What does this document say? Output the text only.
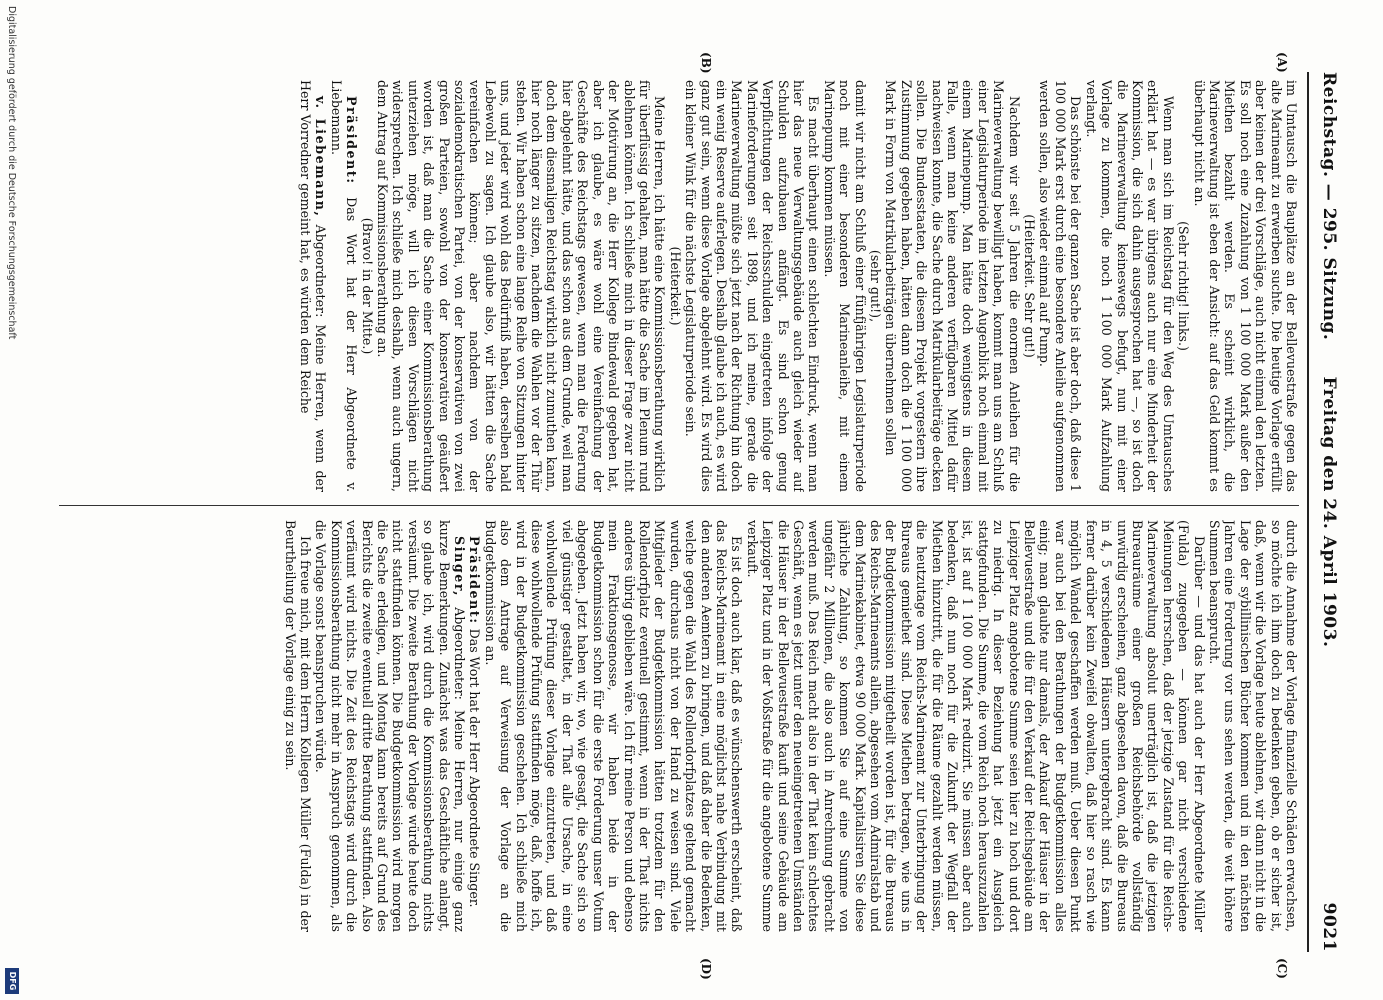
Reichstag. — 295. Sitzung.
Freitag den 24. April 1903.
9021
(A)
(B)
(C)
(D)

im Umtausch die Bauplätze an der Bellevuestraße gegen das alte Marineamt zu erwerben suchte. Die heutige Vorlage erfüllt aber keinen der drei Vorschläge, auch nicht einmal den letzten. Es soll noch eine Zuzahlung von 1 100 000 Mark außer den Miethen bezahlt werden. Es scheint wirklich, die Marineverwaltung ist eben der Ansicht: auf das Geld kommt es überhaupt nicht an.

(Sehr richtig! links.)

Wenn man sich im Reichstag für den Weg des Umtausches erklärt hat — es war übrigens auch nur eine Minderheit der Kommission, die sich dahin ausgesprochen hat —, so ist doch die Marineverwaltung keineswegs befugt, nun mit einer Vorlage zu kommen, die noch 1 100 000 Mark Aufzahlung verlangt.

Das schönste bei der ganzen Sache ist aber doch, daß diese 1 100 000 Mark erst durch eine besondere Anleihe aufgenommen werden sollen, also wieder einmal auf Pump.

(Heiterkeit. Sehr gut!)

Nachdem wir seit 5 Jahren die enormen Anleihen für die Marineverwaltung bewilligt haben, kommt man uns am Schluß einer Legislaturperiode im letzten Augenblick noch einmal mit einem Marinepump. Man hätte doch wenigstens in diesem Falle, wenn man keine anderen verfügbaren Mittel dafür nachweisen konnte, die Sache durch Matrikularbeiträge decken sollen. Die Bundesstaaten, die diesem Projekt vorgestern ihre Zustimmung gegeben haben, hätten dann doch die 1 100 000 Mark in Form von Matrikularbeiträgen übernehmen sollen

(sehr gut!),

damit wir nicht am Schluß einer fünfjährigen Legislaturperiode noch mit einer besonderen Marineanleihe, mit einem Marinepump kommen müssen.

Es macht überhaupt einen schlechten Eindruck, wenn man hier das neue Verwaltungsgebäude auch gleich wieder auf Schulden aufzubauen anfängt. Es sind schon genug Verpflichtungen der Reichsschulden eingetreten infolge der Marineforderungen seit 1898, und ich meine, gerade die Marineverwaltung müßte sich jetzt nach der Richtung hin doch ein wenig Reserve auferlegen. Deshalb glaube ich auch, es wird ganz gut sein, wenn diese Vorlage abgelehnt wird. Es wird dies ein kleiner Wink für die nächste Legislaturperiode sein.

(Heiterkeit.)

Meine Herren, ich hätte eine Kommissionsberathung wirklich für überflüssig gehalten, man hätte die Sache im Plenum rund ablehnen können. Ich schließe mich in dieser Frage zwar nicht der Motivirung an, die Herr Kollege Bindewald gegeben hat, aber ich glaube, es wäre wohl eine Vereinfachung der Geschäfte des Reichstags gewesen, wenn man die Forderung hier abgelehnt hätte, und das schon aus dem Grunde, weil man doch dem diesmaligen Reichstag wirklich nicht zumuthen kann, hier noch länger zu sitzen, nachdem die Wahlen vor der Thür stehen. Wir haben schon eine lange Reihe von Sitzungen hinter uns, und jeder wird wohl das Bedürfniß haben, derselben bald Lebewohl zu sagen. Ich glaube also, wir hätten die Sache vereinfachen können; aber nachdem von der sozialdemokratischen Partei, von der konservativen von zwei großen Parteien, sowohl von der konservativen geäußert worden ist, daß man die Sache einer Kommissionsberathung unterziehen möge, will ich diesen Vorschlägen nicht widersprechen. Ich schließe mich deshalb, wenn auch ungern, dem Antrag auf Kommissionsberathung an.

(Bravo! in der Mitte.)

Präsident: Das Wort hat der Herr Abgeordnete v. Liebemann.

v. Liebemann, Abgeordneter: Meine Herren, wenn der Herr Vorredner gemeint hat, es würden dem Reiche

durch die Annahme der Vorlage finanzielle Schäden erwachsen, so möchte ich ihm doch zu bedenken geben, ob er sicher ist, daß, wenn wir die Vorlage heute ablehnen, wir dann nicht in die Lage der sybillinischen Bücher kommen und in den nächsten Jahren eine Forderung vor uns sehen werden, die weit höhere Summen beansprucht.

Darüber — und das hat auch der Herr Abgeordnete Müller (Fulda) zugegeben — können gar nicht verschiedene Meinungen herrschen, daß der jetzige Zustand für die Reichs-Marineverwaltung absolut unerträglich ist, daß die jetzigen Bureauräume einer großen Reichsbehörde vollständig unwürdig erscheinen, ganz abgesehen davon, daß die Bureaus in 4, 5 verschiedenen Häusern untergebracht sind. Es kann ferner darüber kein Zweifel obwalten, daß hier so rasch wie möglich Wandel geschaffen werden muß. Ueber diesen Punkt war auch bei den Berathungen der Budgetkommission alles einig; man glaubte nur damals, der Ankauf der Häuser in der Bellevuestraße und die für den Verkauf der Reichsgebäude am Leipziger Platz angebotene Summe seien hier zu hoch und dort zu niedrig. In dieser Beziehung hat jetzt ein Ausgleich stattgefunden. Die Summe, die vom Reich noch herauszuzahlen ist, ist auf 1 100 000 Mark reduzirt. Sie müssen aber auch bedenken, daß nun noch für die Zukunft der Wegfall der Miethen hinzutritt, die für die Räume gezahlt werden müssen, die heutzutage vom Reichs-Marineamt zur Unterbringung der Bureaus gemiethet sind. Diese Miethen betragen, wie uns in der Budgetkommission mitgetheilt worden ist, für die Bureaus des Reichs-Marineamts allein, abgesehen vom Admiralstab und dem Marinekabinet, etwa 90 000 Mark. Kapitalisiren Sie diese jährliche Zahlung, so kommen Sie auf eine Summe von ungefähr 2 Millionen, die also auch in Anrechnung gebracht werden muß. Das Reich macht also in der That kein schlechtes Geschäft, wenn es jetzt unter den neueingetretenen Umständen die Häuser in der Bellevuestraße kauft und seine Gebäude am Leipziger Platz und in der Voßstraße für die angebotene Summe verkauft.

Es ist doch auch klar, daß es wünschenswerth erscheint, daß das Reichs-Marineamt in eine möglichst nahe Verbindung mit den anderen Aemtern zu bringen, und daß daher die Bedenken, welche gegen die Wahl des Rollendorfplatzes geltend gemacht wurden, durchaus nicht von der Hand zu weisen sind. Viele Mitglieder der Budgetkommission hätten trotzdem für den Rollendorfplatz eventuell gestimmt, wenn in der That nichts anderes übrig geblieben wäre. Ich für meine Person und ebenso mein Fraktionsgenosse, wir haben beide in der Budgetkommission schon für die erste Forderung unser Votum abgegeben. Jetzt haben wir, wo, wie gesagt, die Sache sich so viel günstiger gestaltet, in der That alle Ursache, in eine wohlwollende Prüfung dieser Vorlage einzutreten, und daß diese wohlwollende Prüfung stattfinden möge, daß, hoffe ich, wird in der Budgetkommission geschehen. Ich schließe mich also dem Antrage auf Verweisung der Vorlage an die Budgetkommission an.

Präsident: Das Wort hat der Herr Abgeordnete Singer.

Singer, Abgeordneter: Meine Herren, nur einige ganz kurze Bemerkungen. Zunächst was das Geschäftliche anlangt, so glaube ich, wird durch die Kommissionsberathung nichts versäumt. Die zweite Berathung der Vorlage würde heute doch nicht stattfinden können. Die Budgetkommission wird morgen die Sache erledigen, und Montag kann bereits auf Grund des Berichts die zweite eventuell dritte Berathung stattfinden. Also verfäumt wird nichts. Die Zeit des Reichstags wird durch die Kommissionsberathung nicht mehr in Anspruch genommen, als die Vorlage sonst beanspruchen würde.

Ich freue mich, mit dem Herrn Kollegen Müller (Fulda) in der Beurtheilung der Vorlage einig zu sein.

Digitalisierung gefördert durch die Deutsche Forschungsgemeinschaft
DFG
